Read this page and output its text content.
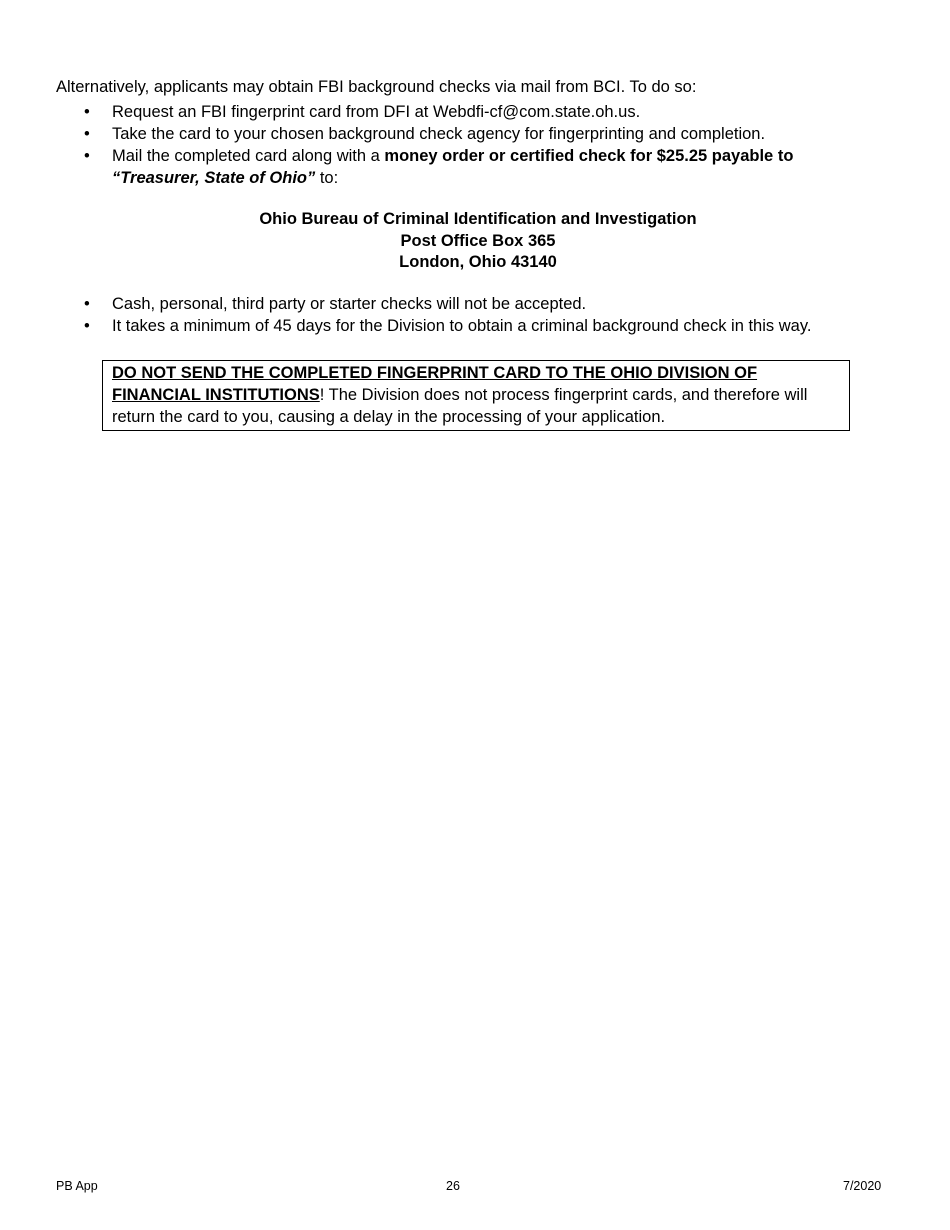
Alternatively, applicants may obtain FBI background checks via mail from BCI. To do so:

• Request an FBI fingerprint card from DFI at Webdfi-cf@com.state.oh.us.
• Take the card to your chosen background check agency for fingerprinting and completion.
• Mail the completed card along with a money order or certified check for $25.25 payable to
“Treasurer, State of Ohio” to:
Ohio Bureau of Criminal Identification and Investigation
Post Office Box 365
London, Ohio 43140
• Cash, personal, third party or starter checks will not be accepted.
• It takes a minimum of 45 days for the Division to obtain a criminal background check in this way.
DO NOT SEND THE COMPLETED FINGERPRINT CARD TO THE OHIO DIVISION OF FINANCIAL INSTITUTIONS! The Division does not process fingerprint cards, and therefore will return the card to you, causing a delay in the processing of your application.
PB App	26	7/2020
